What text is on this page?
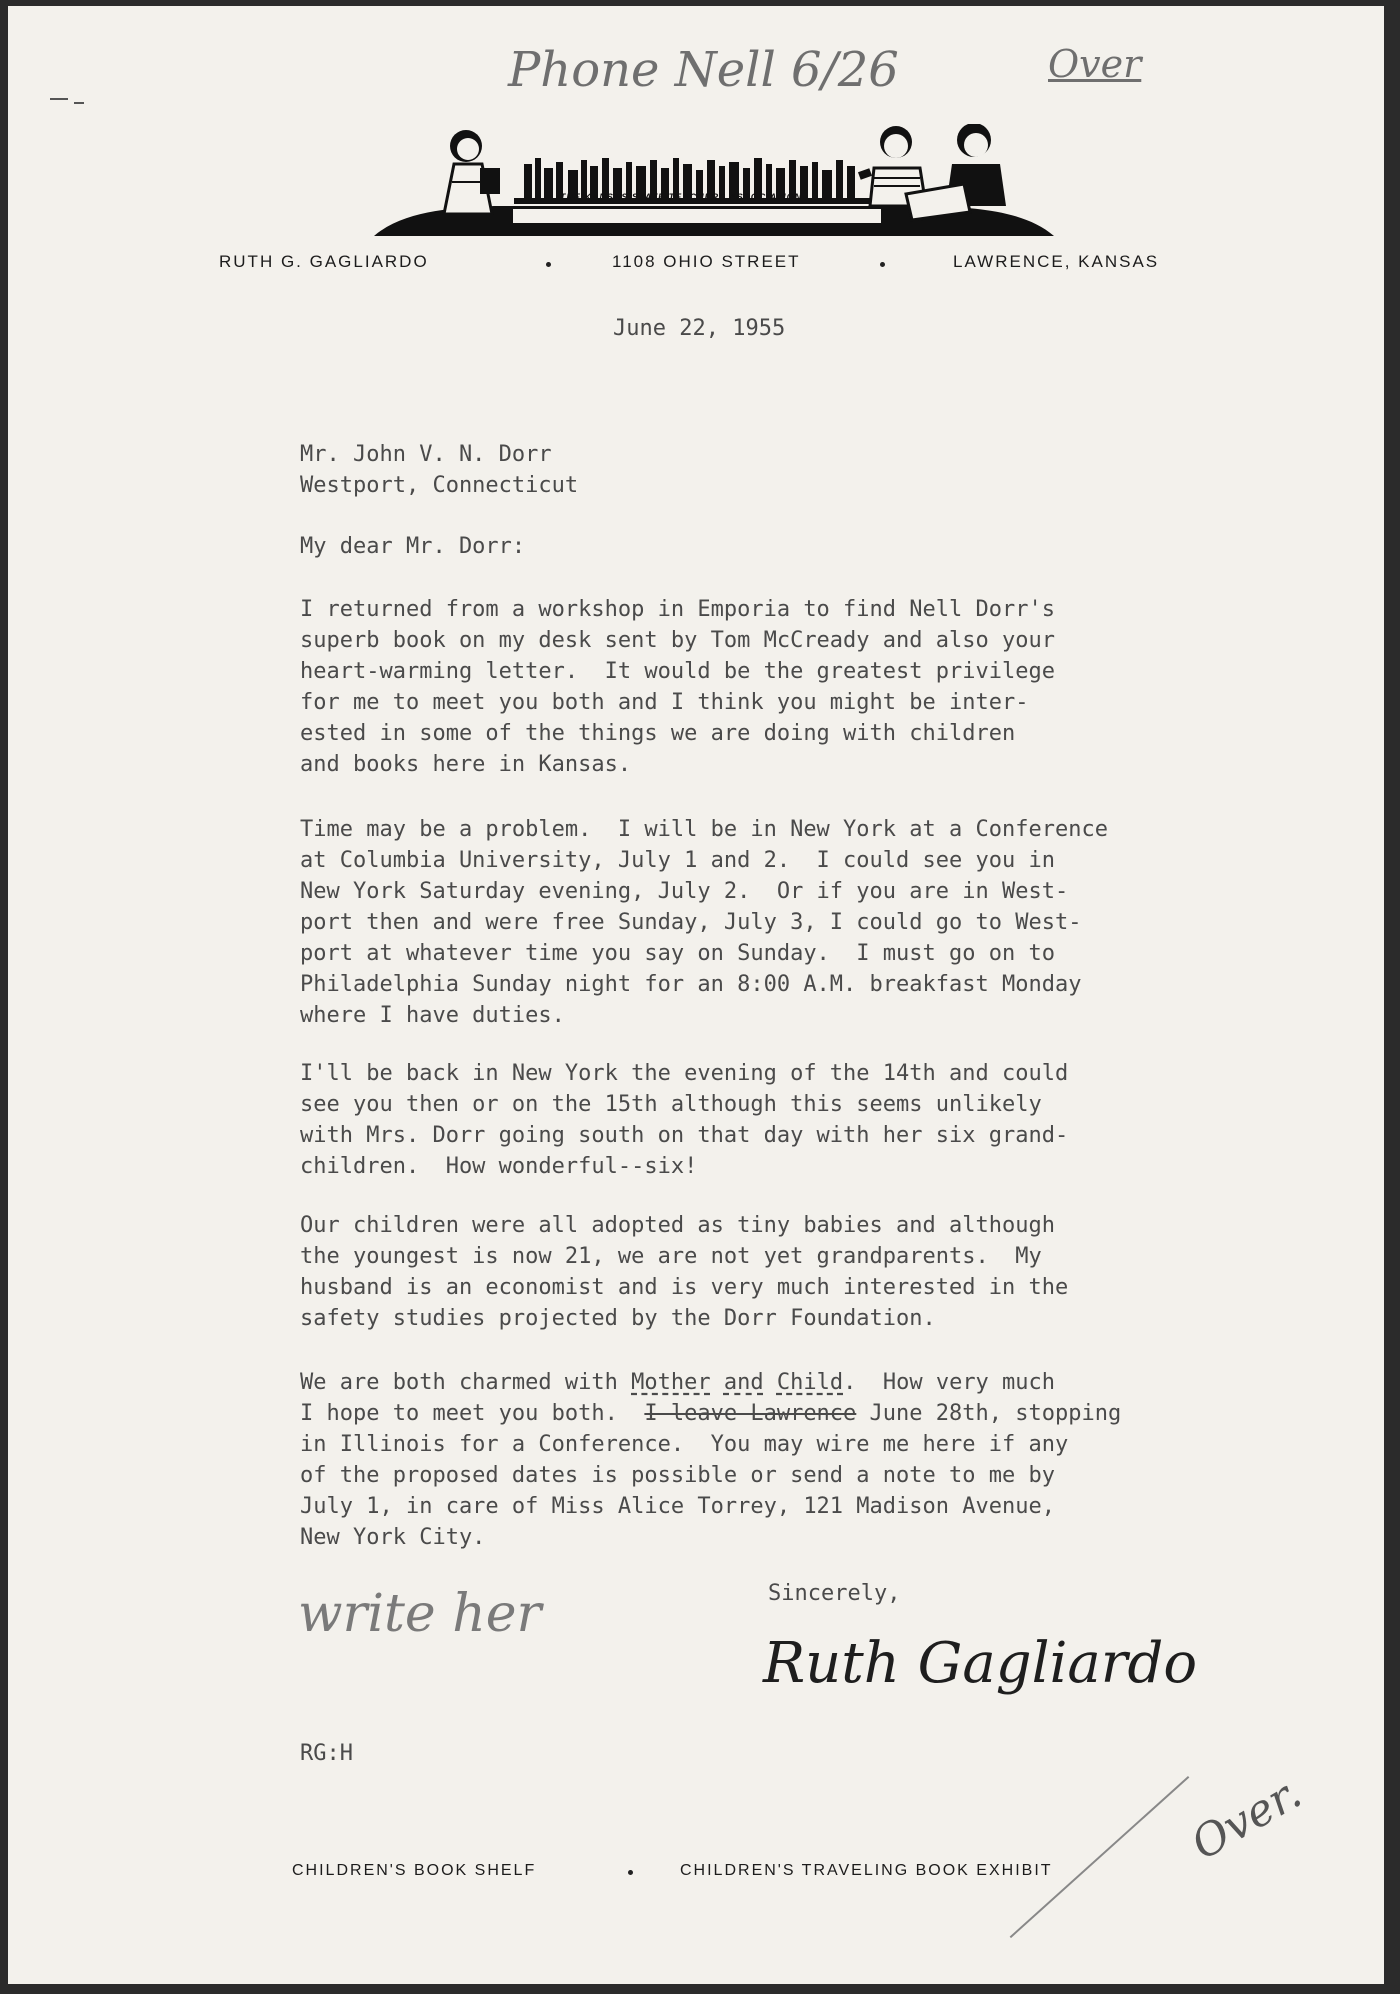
Phone Nell 6/26	Over

THE KANSAS STATE TEACHERS ASSOCIATION

RUTH G. GAGLIARDO	1108 OHIO STREET	LAWRENCE, KANSAS
June 22, 1955
Mr. John V. N. Dorr
Westport, Connecticut
My dear Mr. Dorr:
I returned from a workshop in Emporia to find Nell Dorr's
superb book on my desk sent by Tom McCready and also your
heart-warming letter.  It would be the greatest privilege
for me to meet you both and I think you might be inter-
ested in some of the things we are doing with children
and books here in Kansas.
Time may be a problem.  I will be in New York at a Conference
at Columbia University, July 1 and 2.  I could see you in
New York Saturday evening, July 2.  Or if you are in West-
port then and were free Sunday, July 3, I could go to West-
port at whatever time you say on Sunday.  I must go on to
Philadelphia Sunday night for an 8:00 A.M. breakfast Monday
where I have duties.
I'll be back in New York the evening of the 14th and could
see you then or on the 15th although this seems unlikely
with Mrs. Dorr going south on that day with her six grand-
children.  How wonderful--six!
Our children were all adopted as tiny babies and although
the youngest is now 21, we are not yet grandparents.  My
husband is an economist and is very much interested in the
safety studies projected by the Dorr Foundation.
We are both charmed with Mother and Child.  How very much
I hope to meet you both.  I leave Lawrence June 28th, stopping
in Illinois for a Conference.  You may wire me here if any
of the proposed dates is possible or send a note to me by
July 1, in care of Miss Alice Torrey, 121 Madison Avenue,
New York City.
Sincerely,
write her
Ruth Gagliardo
RG:H
Over.
CHILDREN'S BOOK SHELF	CHILDREN'S TRAVELING BOOK EXHIBIT
